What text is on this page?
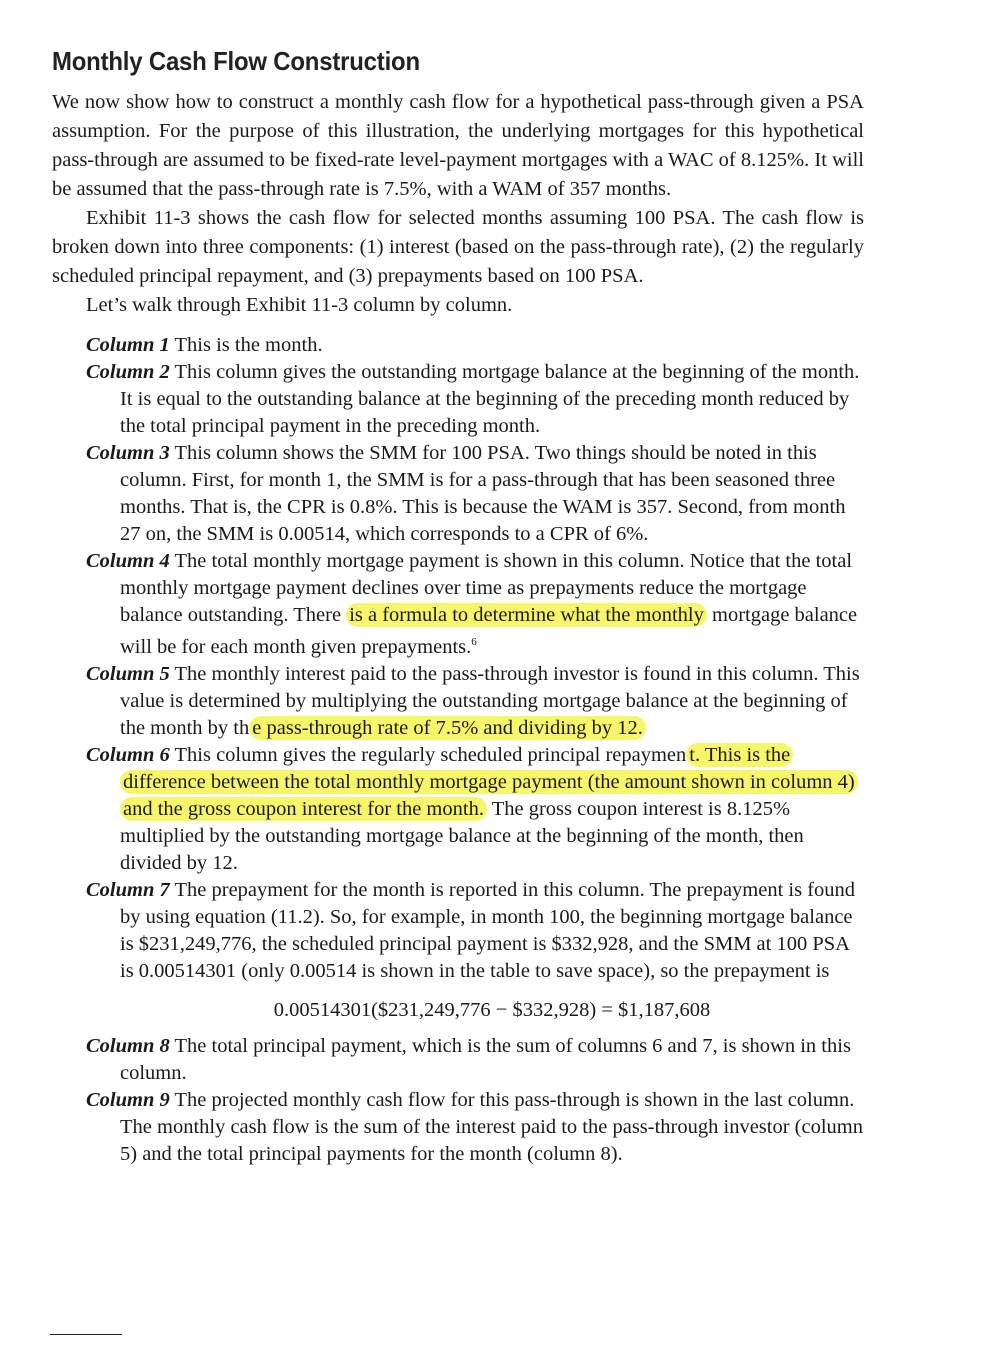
Monthly Cash Flow Construction

We now show how to construct a monthly cash flow for a hypothetical pass-through given a PSA assumption. For the purpose of this illustration, the underlying mortgages for this hypothetical pass-through are assumed to be fixed-rate level-payment mortgages with a WAC of 8.125%. It will be assumed that the pass-through rate is 7.5%, with a WAM of 357 months.

Exhibit 11-3 shows the cash flow for selected months assuming 100 PSA. The cash flow is broken down into three components: (1) interest (based on the pass-through rate), (2) the regularly scheduled principal repayment, and (3) prepayments based on 100 PSA.

Let’s walk through Exhibit 11-3 column by column.

Column 1 This is the month.

Column 2 This column gives the outstanding mortgage balance at the beginning of the month. It is equal to the outstanding balance at the beginning of the preceding month reduced by the total principal payment in the preceding month.

Column 3 This column shows the SMM for 100 PSA. Two things should be noted in this column. First, for month 1, the SMM is for a pass-through that has been seasoned three months. That is, the CPR is 0.8%. This is because the WAM is 357. Second, from month 27 on, the SMM is 0.00514, which corresponds to a CPR of 6%.

Column 4 The total monthly mortgage payment is shown in this column. Notice that the total monthly mortgage payment declines over time as prepayments reduce the mortgage balance outstanding. There is a formula to determine what the monthly mortgage balance will be for each month given prepayments.$^6$

Column 5 The monthly interest paid to the pass-through investor is found in this column. This value is determined by multiplying the outstanding mortgage balance at the beginning of the month by th e pass-through rate of 7.5% and dividing by 12.

Column 6 This column gives the regularly scheduled principal repaymen t. This is the difference between the total monthly mortgage payment (the amount shown in column 4) and the gross coupon interest for the month. The gross coupon interest is 8.125% multiplied by the outstanding mortgage balance at the beginning of the month, then divided by 12.

Column 7 The prepayment for the month is reported in this column. The prepayment is found by using equation (11.2). So, for example, in month 100, the beginning mortgage balance is $231,249,776, the scheduled principal payment is $332,928, and the SMM at 100 PSA is 0.00514301 (only 0.00514 is shown in the table to save space), so the prepayment is

0.00514301($231,249,776 − $332,928) = $1,187,608

Column 8 The total principal payment, which is the sum of columns 6 and 7, is shown in this column.

Column 9 The projected monthly cash flow for this pass-through is shown in the last column. The monthly cash flow is the sum of the interest paid to the pass-through investor (column 5) and the total principal payments for the month (column 8).
